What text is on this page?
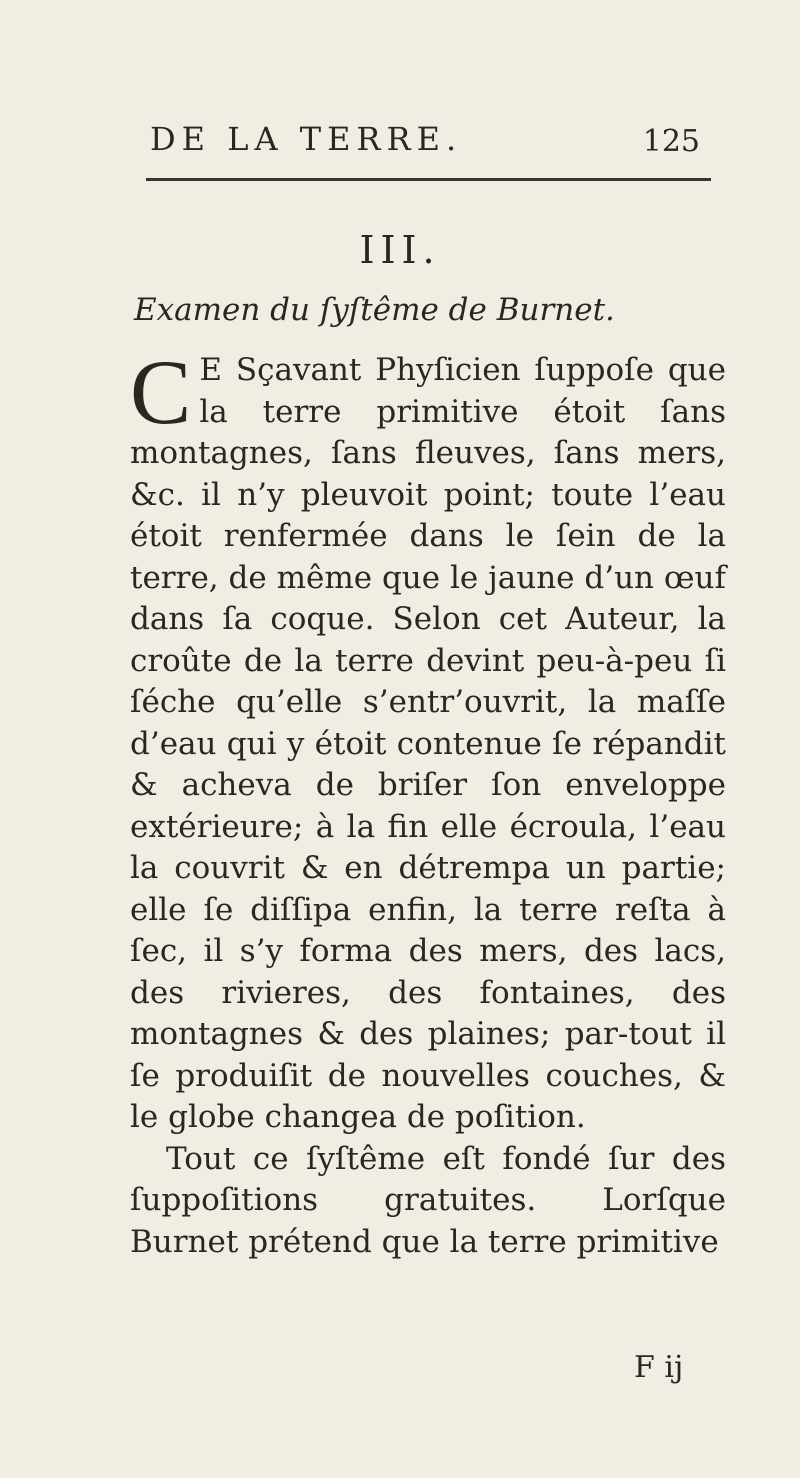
DE LA TERRE.	125
III.
Examen du ſyſtême de Burnet.

C E Sçavant Phyſicien ſuppoſe que la terre primitive étoit ſans montagnes, ſans fleuves, ſans mers, &c. il n’y pleuvoit point; toute l’eau étoit renfermée dans le ſein de la terre, de même que le jaune d’un œuf dans ſa coque. Selon cet Auteur, la croûte de la terre devint peu-à-peu ſi ſéche qu’elle s’entr’ouvrit, la maſſe d’eau qui y étoit contenue ſe répandit & acheva de briſer ſon enveloppe extérieure; à la fin elle écroula, l’eau la couvrit & en détrempa un partie; elle ſe diſſipa enfin, la terre reſta à ſec, il s’y forma des mers, des lacs, des rivieres, des fontaines, des montagnes & des plaines; par-tout il ſe produiſit de nouvelles couches, & le globe changea de poſition.

Tout ce ſyſtême eſt fondé ſur des ſuppoſitions gratuites. Lorſque Burnet prétend que la terre primitive

F ij
